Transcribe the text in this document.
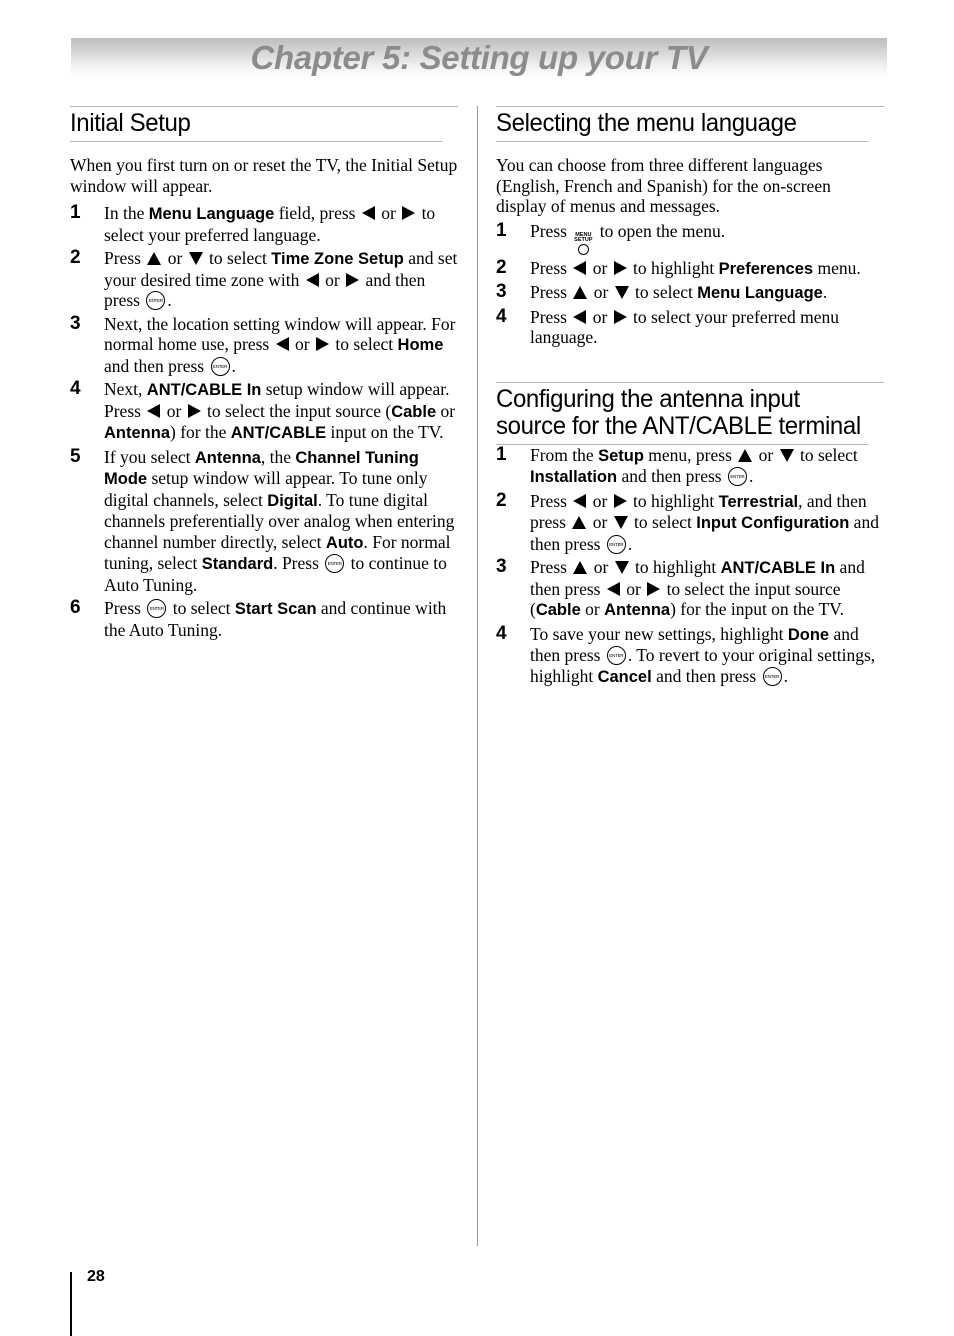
Chapter 5: Setting up your TV
Initial Setup

When you first turn on or reset the TV, the Initial Setup window will appear.

1 In the Menu Language field, press  or  to select your preferred language.
2 Press  or  to select Time Zone Setup and set your desired time zone with  or  and then press ENTER .
3 Next, the location setting window will appear. For normal home use, press  or  to select Home and then press ENTER .
4 Next, ANT/CABLE In setup window will appear. Press  or  to select the input source (Cable or Antenna) for the ANT/CABLE input on the TV.
5 If you select Antenna, the Channel Tuning Mode setup window will appear. To tune only digital channels, select Digital. To tune digital channels preferentially over analog when entering channel number directly, select Auto. For normal tuning, select Standard. Press ENTER to continue to Auto Tuning.
6 Press ENTER to select Start Scan and continue with the Auto Tuning.
Selecting the menu language

You can choose from three different languages (English, French and Spanish) for the on-screen display of menus and messages.

1 Press MENU SETUP
to open the menu.
2 Press  or  to highlight Preferences menu.
3 Press  or  to select Menu Language.
4 Press  or  to select your preferred menu language.
Configuring the antenna input
source for the ANT/CABLE terminal
1 From the Setup menu, press  or  to select Installation and then press ENTER .
2 Press  or  to highlight Terrestrial, and then press  or  to select Input Configuration and then press ENTER .
3 Press  or  to highlight ANT/CABLE In and then press  or  to select the input source (Cable or Antenna) for the input on the TV.
4 To save your new settings, highlight Done and then press ENTER . To revert to your original settings, highlight Cancel and then press ENTER .
28
